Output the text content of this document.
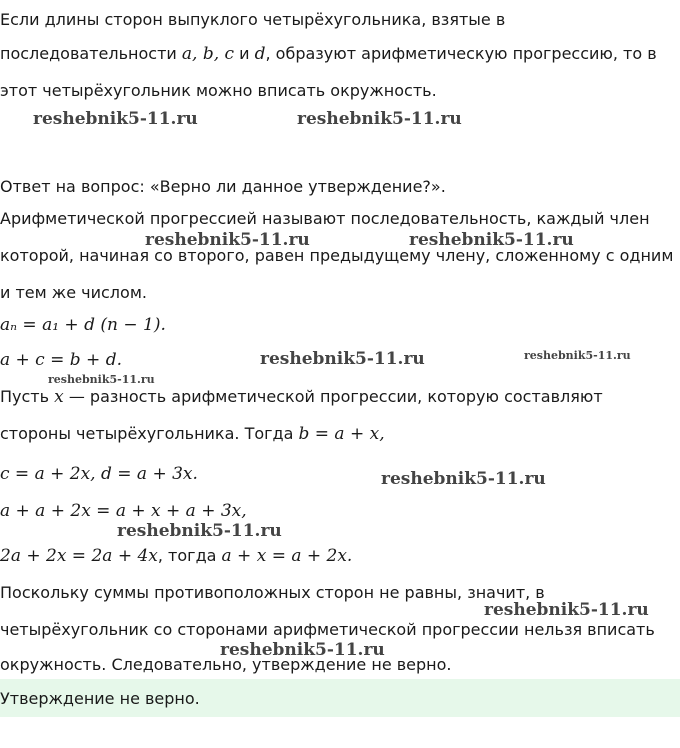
Если длины сторон выпуклого четырёхугольника, взятые в
последовательности a, b, c и d, образуют арифметическую прогрессию, то в
этот четырёхугольник можно вписать окружность.
Ответ на вопрос: «Верно ли данное утверждение?».
Арифметической прогрессией называют последовательность, каждый член
которой, начиная со второго, равен предыдущему члену, сложенному с одним
и тем же числом.
aₙ = a₁ + d (n − 1).
a + c = b + d.
Пусть x — разность арифметической прогрессии, которую составляют
стороны четырёхугольника. Тогда b = a + x,
c = a + 2x, d = a + 3x.
a + a + 2x = a + x + a + 3x,
2a + 2x = 2a + 4x, тогда a + x = a + 2x.
Поскольку суммы противоположных сторон не равны, значит, в
четырёхугольник со сторонами арифметической прогрессии нельзя вписать
окружность. Следовательно, утверждение не верно.
Утверждение не верно.
reshebnik5-11.ru	reshebnik5-11.ru
reshebnik5-11.ru	reshebnik5-11.ru
reshebnik5-11.ru	reshebnik5-11.ru
reshebnik5-11.ru
reshebnik5-11.ru
reshebnik5-11.ru
reshebnik5-11.ru
reshebnik5-11.ru
